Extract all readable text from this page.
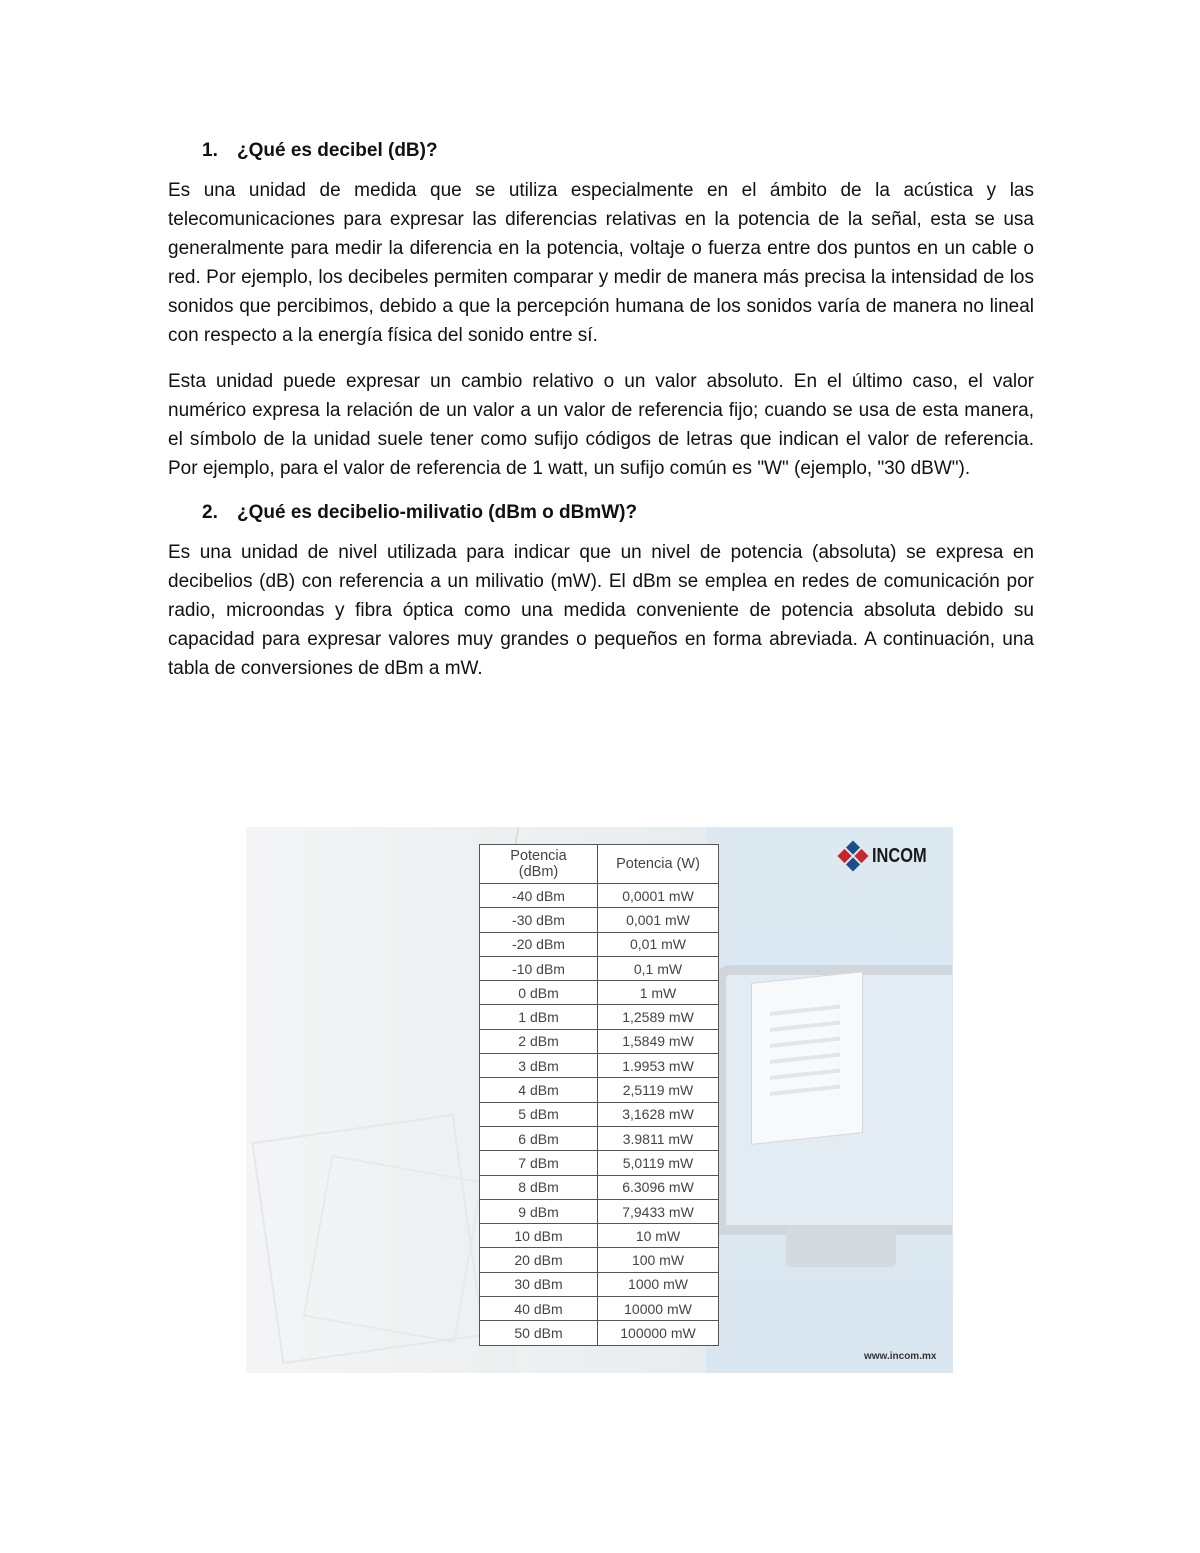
1. ¿Qué es decibel (dB)?

Es una unidad de medida que se utiliza especialmente en el ámbito de la acústica y las telecomunicaciones para expresar las diferencias relativas en la potencia de la señal, esta se usa generalmente para medir la diferencia en la potencia, voltaje o fuerza entre dos puntos en un cable o red. Por ejemplo, los decibeles permiten comparar y medir de manera más precisa la intensidad de los sonidos que percibimos, debido a que la percepción humana de los sonidos varía de manera no lineal con respecto a la energía física del sonido entre sí.

Esta unidad puede expresar un cambio relativo o un valor absoluto. En el último caso, el valor numérico expresa la relación de un valor a un valor de referencia fijo; cuando se usa de esta manera, el símbolo de la unidad suele tener como sufijo códigos de letras que indican el valor de referencia. Por ejemplo, para el valor de referencia de 1 watt, un sufijo común es "W" (ejemplo, "30 dBW").

2. ¿Qué es decibelio-milivatio (dBm o dBmW)?

Es una unidad de nivel utilizada para indicar que un nivel de potencia (absoluta) se expresa en decibelios (dB) con referencia a un milivatio (mW). El dBm se emplea en redes de comunicación por radio, microondas y fibra óptica como una medida conveniente de potencia absoluta debido su capacidad para expresar valores muy grandes o pequeños en forma abreviada. A continuación, una tabla de conversiones de dBm a mW.

Potencia (dBm)	Potencia (W)
-40 dBm	0,0001 mW
-30 dBm	0,001 mW
-20 dBm	0,01 mW
-10 dBm	0,1 mW
0 dBm	1 mW
1 dBm	1,2589 mW
2 dBm	1,5849 mW
3 dBm	1.9953 mW
4 dBm	2,5119 mW
5 dBm	3,1628 mW
6 dBm	3.9811 mW
7 dBm	5,0119 mW
8 dBm	6.3096 mW
9 dBm	7,9433 mW
10 dBm	10 mW
20 dBm	100 mW
30 dBm	1000 mW
40 dBm	10000 mW
50 dBm	100000 mW
INCOM
www.incom.mx
